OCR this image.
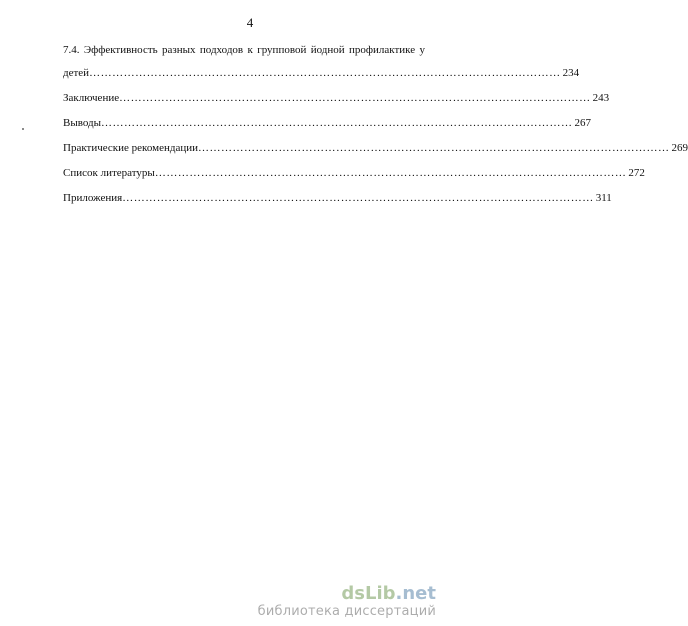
4
7.4. Эффективность разных подходов к групповой йодной профилактике у
детей …………………………………………………………………………………………………………… 234
Заключение …………………………………………………………………………………………………………… 243
Выводы …………………………………………………………………………………………………………… 267
Практические рекомендации …………………………………………………………………………………………………………… 269
Список литературы …………………………………………………………………………………………………………… 272
Приложения …………………………………………………………………………………………………………… 311
dsLib.net
библиотека диссертаций
